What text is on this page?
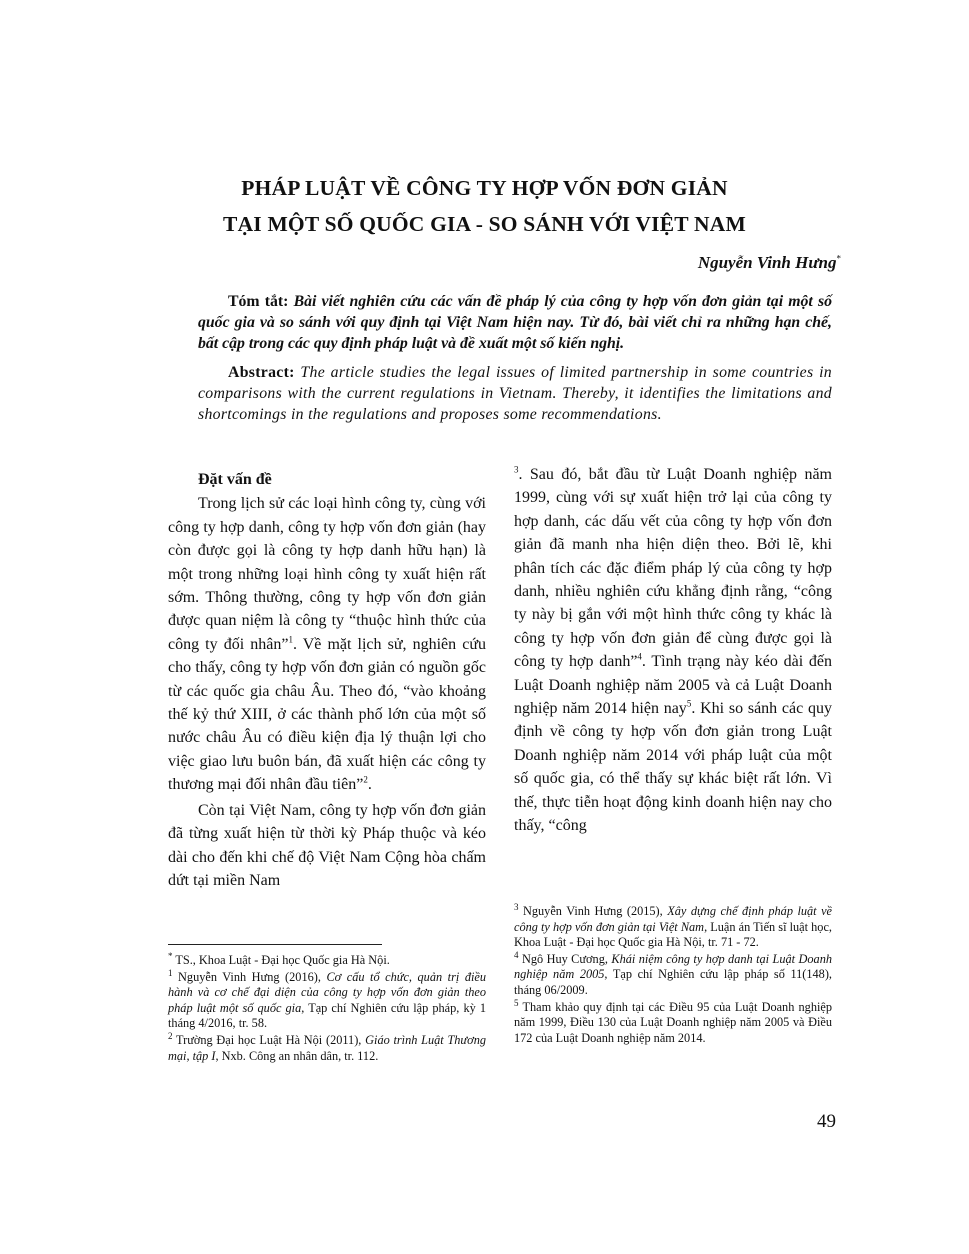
PHÁP LUẬT VỀ CÔNG TY HỢP VỐN ĐƠN GIẢN
TẠI MỘT SỐ QUỐC GIA - SO SÁNH VỚI VIỆT NAM
Nguyễn Vinh Hưng*
Tóm tắt: Bài viết nghiên cứu các vấn đề pháp lý của công ty hợp vốn đơn giản tại một số quốc gia và so sánh với quy định tại Việt Nam hiện nay. Từ đó, bài viết chỉ ra những hạn chế, bất cập trong các quy định pháp luật và đề xuất một số kiến nghị.
Abstract: The article studies the legal issues of limited partnership in some countries in comparisons with the current regulations in Vietnam. Thereby, it identifies the limitations and shortcomings in the regulations and proposes some recommendations.

Đặt vấn đề

Trong lịch sử các loại hình công ty, cùng với công ty hợp danh, công ty hợp vốn đơn giản (hay còn được gọi là công ty hợp danh hữu hạn) là một trong những loại hình công ty xuất hiện rất sớm. Thông thường, công ty hợp vốn đơn giản được quan niệm là công ty “thuộc hình thức của công ty đối nhân”$^1$. Về mặt lịch sử, nghiên cứu cho thấy, công ty hợp vốn đơn giản có nguồn gốc từ các quốc gia châu Âu. Theo đó, “vào khoảng thế kỷ thứ XIII, ở các thành phố lớn của một số nước châu Âu có điều kiện địa lý thuận lợi cho việc giao lưu buôn bán, đã xuất hiện các công ty thương mại đối nhân đầu tiên”$^2$.

Còn tại Việt Nam, công ty hợp vốn đơn giản đã từng xuất hiện từ thời kỳ Pháp thuộc và kéo dài cho đến khi chế độ Việt Nam Cộng hòa chấm dứt tại miền Nam

$^3$. Sau đó, bắt đầu từ Luật Doanh nghiệp năm 1999, cùng với sự xuất hiện trở lại của công ty hợp danh, các dấu vết của công ty hợp vốn đơn giản đã manh nha hiện diện theo. Bởi lẽ, khi phân tích các đặc điểm pháp lý của công ty hợp danh, nhiều nghiên cứu khẳng định rằng, “công ty này bị gắn với một hình thức công ty khác là công ty hợp vốn đơn giản để cùng được gọi là công ty hợp danh”$^4$. Tình trạng này kéo dài đến Luật Doanh nghiệp năm 2005 và cả Luật Doanh nghiệp năm 2014 hiện nay$^5$. Khi so sánh các quy định về công ty hợp vốn đơn giản trong Luật Doanh nghiệp năm 2014 với pháp luật của một số quốc gia, có thể thấy sự khác biệt rất lớn. Vì thế, thực tiễn hoạt động kinh doanh hiện nay cho thấy, “công

* TS., Khoa Luật - Đại học Quốc gia Hà Nội.

$^1$ Nguyễn Vinh Hưng (2016), Cơ cấu tổ chức, quản trị điều hành và cơ chế đại diện của công ty hợp vốn đơn giản theo pháp luật một số quốc gia, Tạp chí Nghiên cứu lập pháp, kỳ 1 tháng 4/2016, tr. 58.

$^2$ Trường Đại học Luật Hà Nội (2011), Giáo trình Luật Thương mại, tập I, Nxb. Công an nhân dân, tr. 112.

$^3$ Nguyễn Vinh Hưng (2015), Xây dựng chế định pháp luật về công ty hợp vốn đơn giản tại Việt Nam, Luận án Tiến sĩ luật học, Khoa Luật - Đại học Quốc gia Hà Nội, tr. 71 - 72.

$^4$ Ngô Huy Cương, Khái niệm công ty hợp danh tại Luật Doanh nghiệp năm 2005, Tạp chí Nghiên cứu lập pháp số 11(148), tháng 06/2009.

$^5$ Tham khảo quy định tại các Điều 95 của Luật Doanh nghiệp năm 1999, Điều 130 của Luật Doanh nghiệp năm 2005 và Điều 172 của Luật Doanh nghiệp năm 2014.

49
